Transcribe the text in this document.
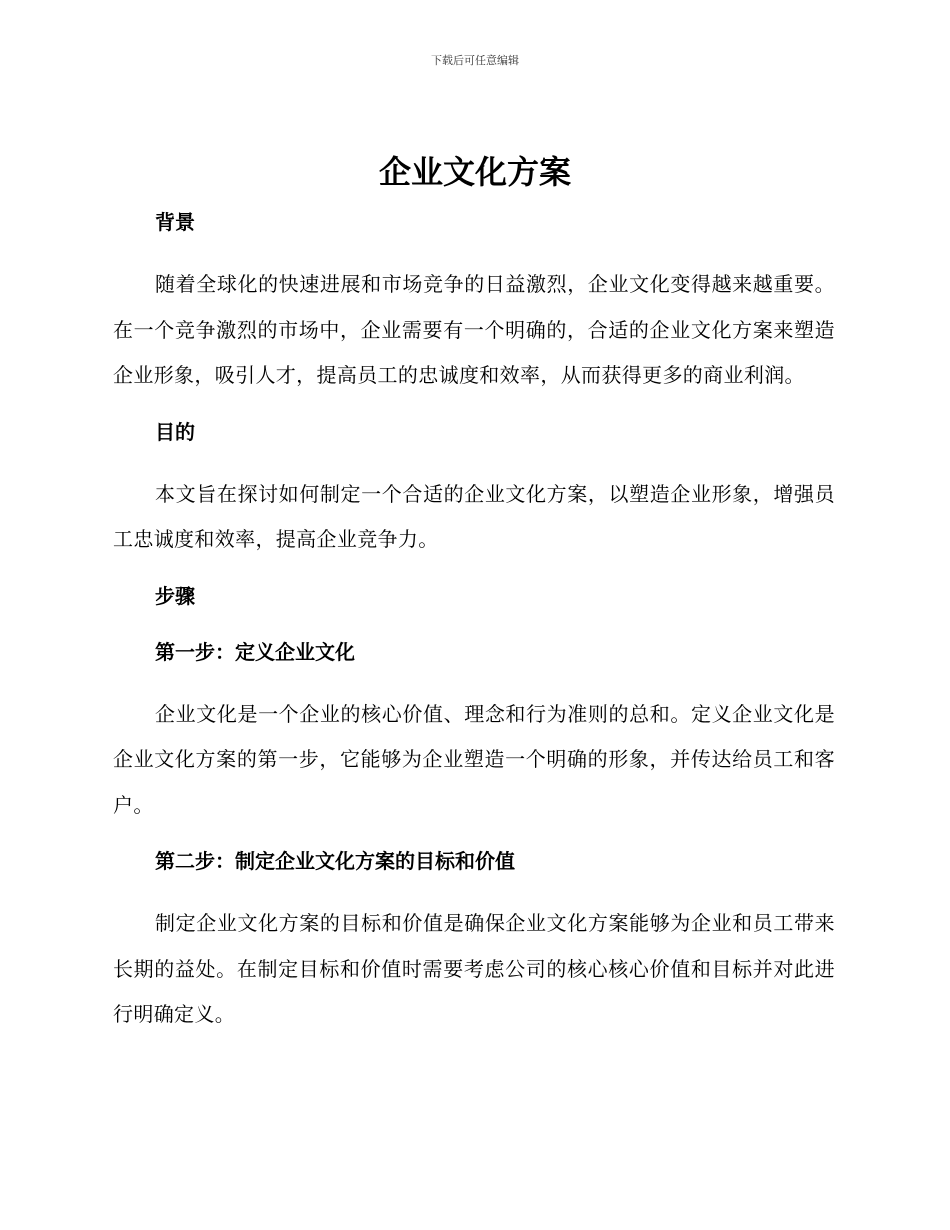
下载后可任意编辑
企业文化方案
背景

随着全球化的快速进展和市场竞争的日益激烈，企业文化变得越来越重要。在一个竞争激烈的市场中，企业需要有一个明确的，合适的企业文化方案来塑造企业形象，吸引人才，提高员工的忠诚度和效率，从而获得更多的商业利润。

目的

本文旨在探讨如何制定一个合适的企业文化方案，以塑造企业形象，增强员工忠诚度和效率，提高企业竞争力。

步骤
第一步：定义企业文化

企业文化是一个企业的核心价值、理念和行为准则的总和。定义企业文化是企业文化方案的第一步，它能够为企业塑造一个明确的形象，并传达给员工和客户。

第二步：制定企业文化方案的目标和价值

制定企业文化方案的目标和价值是确保企业文化方案能够为企业和员工带来长期的益处。在制定目标和价值时需要考虑公司的核心核心价值和目标并对此进行明确定义。
